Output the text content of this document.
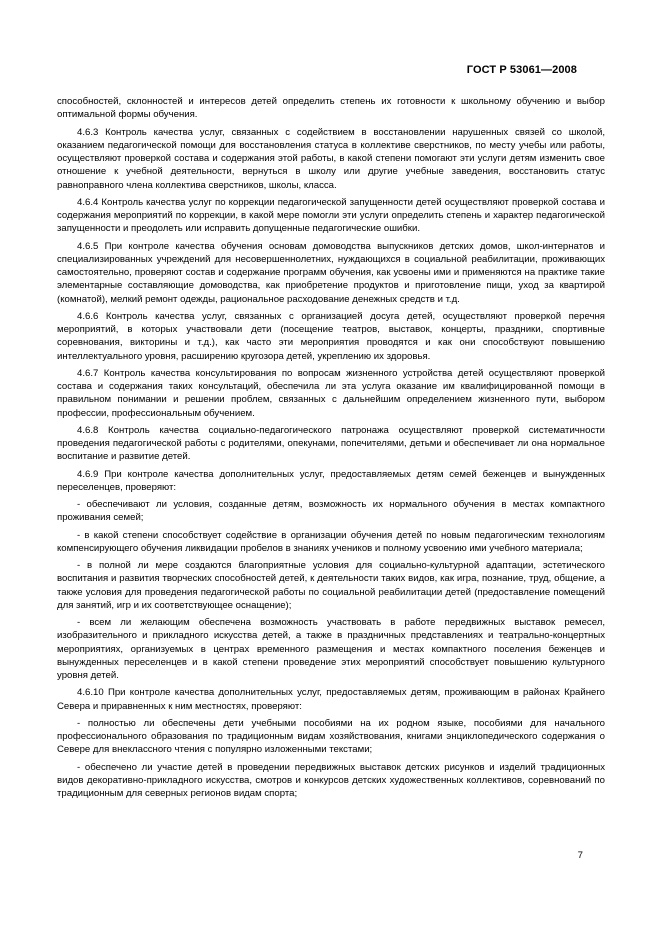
ГОСТ Р 53061—2008

способностей, склонностей и интересов детей определить степень их готовности к школьному обучению и выбор оптимальной формы обучения.

4.6.3 Контроль качества услуг, связанных с содействием в восстановлении нарушенных связей со школой, оказанием педагогической помощи для восстановления статуса в коллективе сверстников, по месту учебы или работы, осуществляют проверкой состава и содержания этой работы, в какой степени помогают эти услуги детям изменить свое отношение к учебной деятельности, вернуться в школу или другие учебные заведения, восстановить статус равноправного члена коллектива сверстников, школы, класса.

4.6.4 Контроль качества услуг по коррекции педагогической запущенности детей осуществляют проверкой состава и содержания мероприятий по коррекции, в какой мере помогли эти услуги определить степень и характер педагогической запущенности и преодолеть или исправить допущенные педагогические ошибки.

4.6.5 При контроле качества обучения основам домоводства выпускников детских домов, школ-интернатов и специализированных учреждений для несовершеннолетних, нуждающихся в социальной реабилитации, проживающих самостоятельно, проверяют состав и содержание программ обучения, как усвоены ими и применяются на практике такие элементарные составляющие домоводства, как приобретение продуктов и приготовление пищи, уход за квартирой (комнатой), мелкий ремонт одежды, рациональное расходование денежных средств и т.д.

4.6.6 Контроль качества услуг, связанных с организацией досуга детей, осуществляют проверкой перечня мероприятий, в которых участвовали дети (посещение театров, выставок, концерты, праздники, спортивные соревнования, викторины и т.д.), как часто эти мероприятия проводятся и как они способствуют повышению интеллектуального уровня, расширению кругозора детей, укреплению их здоровья.

4.6.7 Контроль качества консультирования по вопросам жизненного устройства детей осуществляют проверкой состава и содержания таких консультаций, обеспечила ли эта услуга оказание им квалифицированной помощи в правильном понимании и решении проблем, связанных с дальнейшим определением жизненного пути, выбором профессии, профессиональным обучением.

4.6.8 Контроль качества социально-педагогического патронажа осуществляют проверкой систематичности проведения педагогической работы с родителями, опекунами, попечителями, детьми и обеспечивает ли она нормальное воспитание и развитие детей.

4.6.9 При контроле качества дополнительных услуг, предоставляемых детям семей беженцев и вынужденных переселенцев, проверяют:

- обеспечивают ли условия, созданные детям, возможность их нормального обучения в местах компактного проживания семей;

- в какой степени способствует содействие в организации обучения детей по новым педагогическим технологиям компенсирующего обучения ликвидации пробелов в знаниях учеников и полному усвоению ими учебного материала;

- в полной ли мере создаются благоприятные условия для социально-культурной адаптации, эстетического воспитания и развития творческих способностей детей, к деятельности таких видов, как игра, познание, труд, общение, а также условия для проведения педагогической работы по социальной реабилитации детей (предоставление помещений для занятий, игр и их соответствующее оснащение);

- всем ли желающим обеспечена возможность участвовать в работе передвижных выставок ремесел, изобразительного и прикладного искусства детей, а также в праздничных представлениях и театрально-концертных мероприятиях, организуемых в центрах временного размещения и местах компактного поселения беженцев и вынужденных переселенцев и в какой степени проведение этих мероприятий способствует повышению культурного уровня детей.

4.6.10 При контроле качества дополнительных услуг, предоставляемых детям, проживающим в районах Крайнего Севера и приравненных к ним местностях, проверяют:

- полностью ли обеспечены дети учебными пособиями на их родном языке, пособиями для начального профессионального образования по традиционным видам хозяйствования, книгами энциклопедического содержания о Севере для внеклассного чтения с популярно изложенными текстами;

- обеспечено ли участие детей в проведении передвижных выставок детских рисунков и изделий традиционных видов декоративно-прикладного искусства, смотров и конкурсов детских художественных коллективов, соревнований по традиционным для северных регионов видам спорта;

7
